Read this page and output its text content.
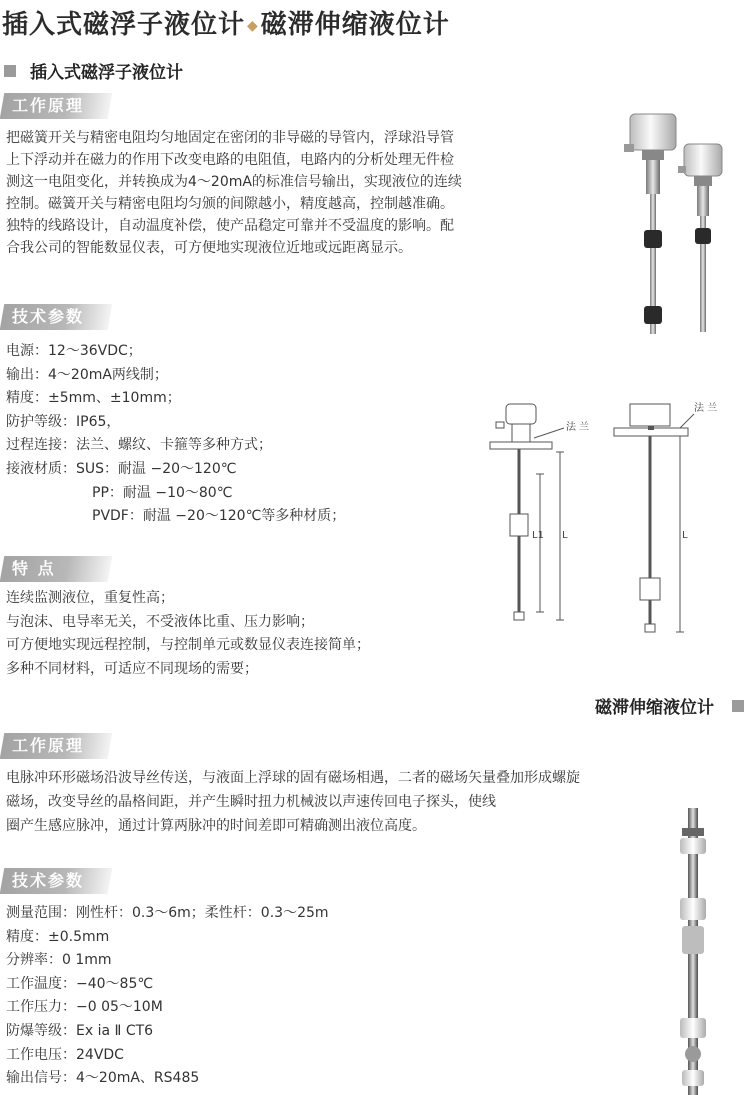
插入式磁浮子液位计 ◆磁滞伸缩液位计
插入式磁浮子液位计
工作原理
把磁簧开关与精密电阻均匀地固定在密闭的非导磁的导管内，浮球沿导管
上下浮动并在磁力的作用下改变电路的电阻值，电路内的分析处理无件检
测这一电阻变化，并转换成为4～20mA的标准信号输出，实现液位的连续
控制。磁簧开关与精密电阻均匀颁的间隙越小，精度越高，控制越准确。
独特的线路设计，自动温度补偿，使产品稳定可靠并不受温度的影响。配
合我公司的智能数显仪表，可方便地实现液位近地或远距离显示。
技术参数
电源：12～36VDC；
输出：4～20mA两线制；
精度：±5mm、±10mm；
防护等级：IP65，
过程连接：法兰、螺纹、卡箍等多种方式；
接液材质：SUS：耐温 −20～120℃
PP：耐温 −10～80℃
PVDF：耐温 −20～120℃等多种材质；
法 兰
L1 L
法 兰
L
特 点
连续监测液位，重复性高；
与泡沫、电导率无关，不受液体比重、压力影响；
可方便地实现远程控制，与控制单元或数显仪表连接简单；
多种不同材料，可适应不同现场的需要；
磁滞伸缩液位计
工作原理
电脉冲环形磁场沿波导丝传送，与液面上浮球的固有磁场相遇，二者的磁场矢量叠加形成螺旋
磁场，改变导丝的晶格间距，并产生瞬时扭力机械波以声速传回电子探头，使线
圈产生感应脉冲，通过计算两脉冲的时间差即可精确测出液位高度。
技术参数
测量范围：刚性杆：0.3～6m；柔性杆：0.3～25m
精度：±0.5mm
分辨率：0 1mm
工作温度：−40～85℃
工作压力：−0 05～10M
防爆等级：Ex ia Ⅱ CT6
工作电压：24VDC
输出信号：4～20mA、RS485
